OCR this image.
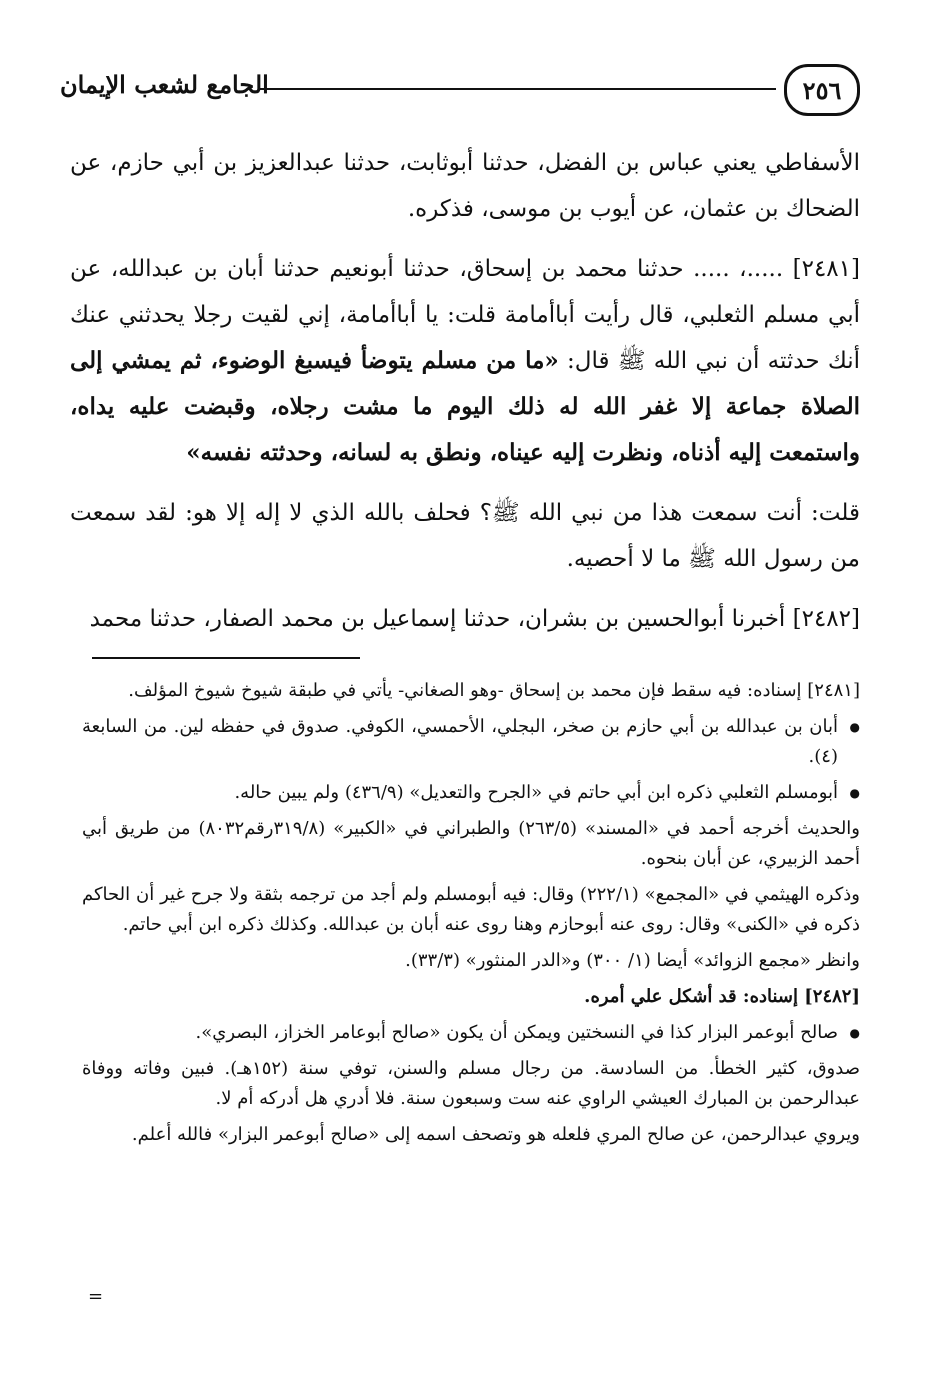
٢٥٦
الجامع لشعب الإيمان

الأسفاطي يعني عباس بن الفضل، حدثنا أبوثابت، حدثنا عبدالعزيز بن أبي حازم، عن الضحاك بن عثمان، عن أيوب بن موسى، فذكره.

[٢٤٨١] .....، ..... حدثنا محمد بن إسحاق، حدثنا أبونعيم حدثنا أبان بن عبدالله، عن أبي مسلم الثعلبي، قال رأيت أباأمامة قلت: يا أباأمامة، إني لقيت رجلا يحدثني عنك أنك حدثته أن نبي الله ﷺ قال: «ما من مسلم يتوضأ فيسبغ الوضوء، ثم يمشي إلى الصلاة جماعة إلا غفر الله له ذلك اليوم ما مشت رجلاه، وقبضت عليه يداه، واستمعت إليه أذناه، ونظرت إليه عيناه، ونطق به لسانه، وحدثته نفسه»

قلت: أنت سمعت هذا من نبي الله ﷺ؟ فحلف بالله الذي لا إله إلا هو: لقد سمعت من رسول الله ﷺ ما لا أحصيه.

[٢٤٨٢] أخبرنا أبوالحسين بن بشران، حدثنا إسماعيل بن محمد الصفار، حدثنا محمد

[٢٤٨١] إسناده: فيه سقط فإن محمد بن إسحاق -وهو الصغاني- يأتي في طبقة شيوخ شيوخ المؤلف.

● أبان بن عبدالله بن أبي حازم بن صخر، البجلي، الأحمسي، الكوفي. صدوق في حفظه لين. من السابعة (٤).

● أبومسلم الثعلبي ذكره ابن أبي حاتم في «الجرح والتعديل» (٤٣٦/٩) ولم يبين حاله.

والحديث أخرجه أحمد في «المسند» (٢٦٣/٥) والطبراني في «الكبير» (٣١٩/٨رقم٨٠٣٢) من طريق أبي أحمد الزبيري، عن أبان بنحوه.

وذكره الهيثمي في «المجمع» (٢٢٢/١) وقال: فيه أبومسلم ولم أجد من ترجمه بثقة ولا جرح غير أن الحاكم ذكره في «الكنى» وقال: روى عنه أبوحازم وهنا روى عنه أبان بن عبدالله. وكذلك ذكره ابن أبي حاتم.

وانظر «مجمع الزوائد» أيضا (١/ ٣٠٠) و«الدر المنثور» (٣٣/٣).

[٢٤٨٢] إسناده: قد أشكل علي أمره.

● صالح أبوعمر البزار كذا في النسختين ويمكن أن يكون «صالح أبوعامر الخزاز، البصري».

صدوق، كثير الخطأ. من السادسة. من رجال مسلم والسنن، توفي سنة (١٥٢هـ). فبين وفاته ووفاة عبدالرحمن بن المبارك العيشي الراوي عنه ست وسبعون سنة. فلا أدري هل أدركه أم لا.

ويروي عبدالرحمن، عن صالح المري فلعله هو وتصحف اسمه إلى «صالح أبوعمر البزار» فالله أعلم.

=
